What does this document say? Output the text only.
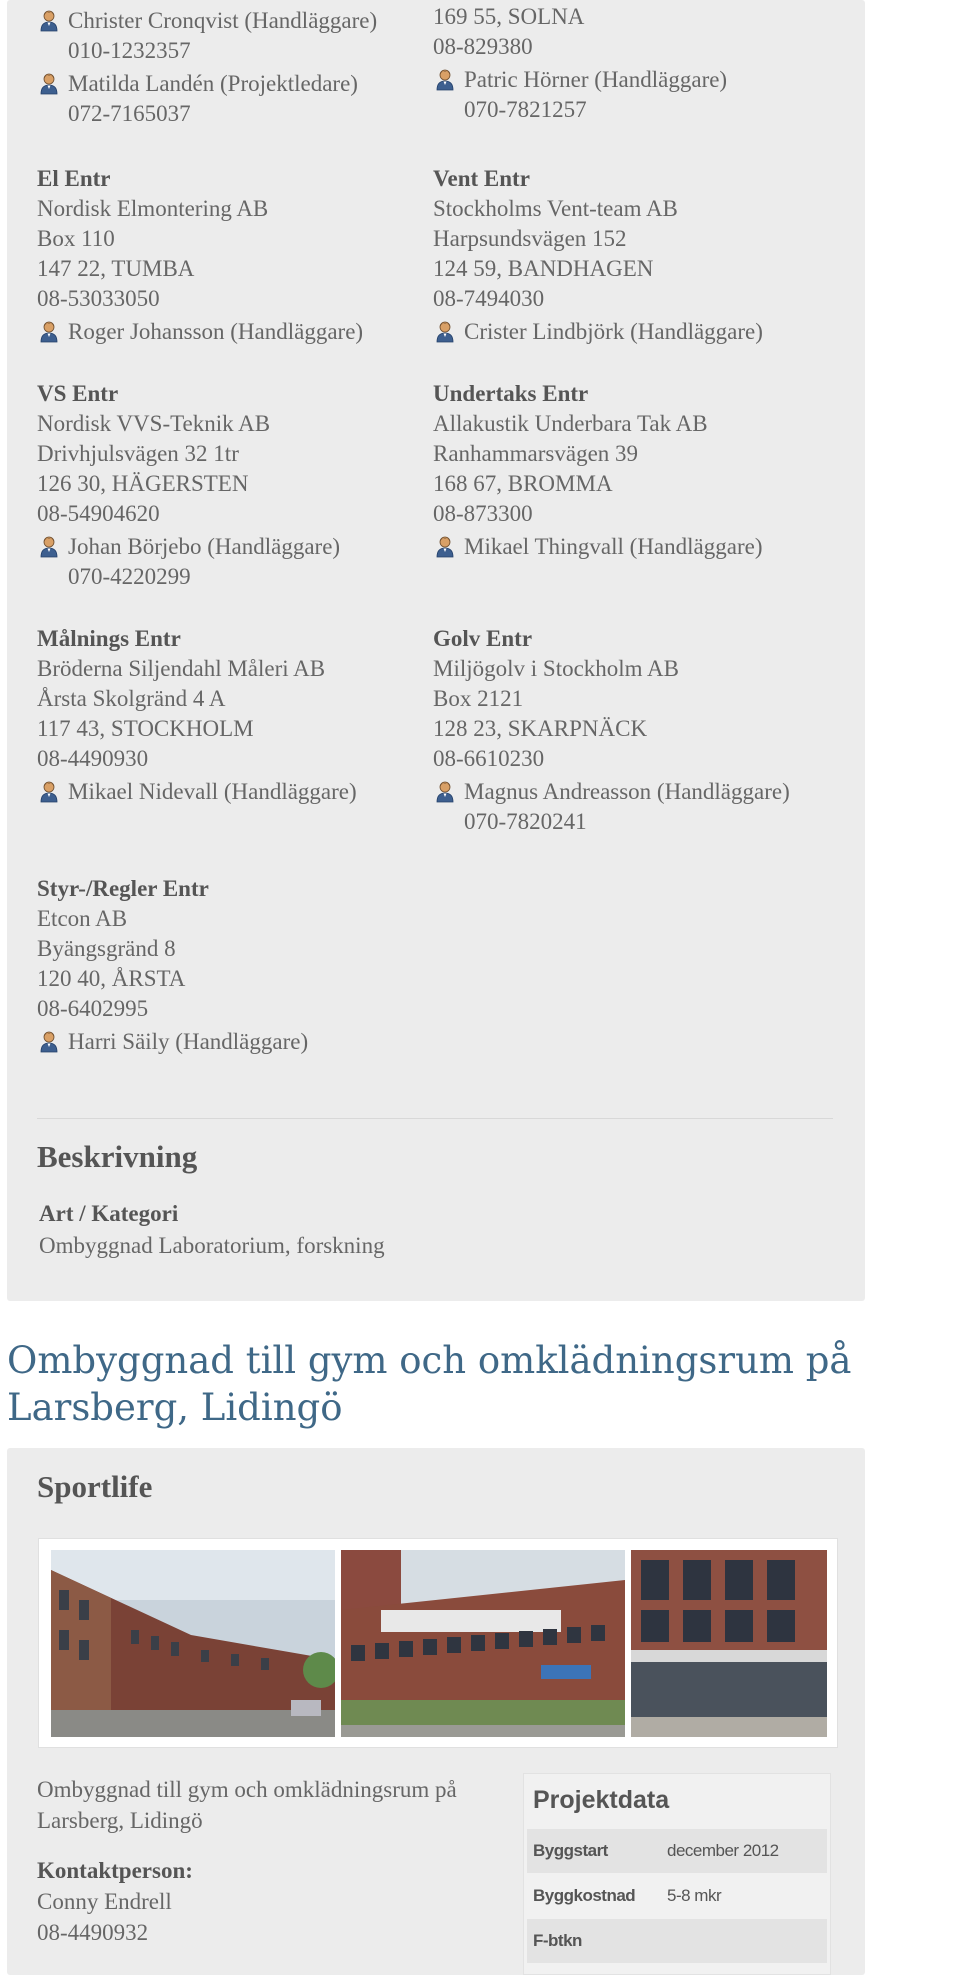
Christer Cronqvist (Handläggare)
010-1232357
Matilda Landén (Projektledare)
072-7165037
169 55, SOLNA
08-829380
Patric Hörner (Handläggare)
070-7821257
El Entr
Nordisk Elmontering AB
Box 110
147 22, TUMBA
08-53033050
Roger Johansson (Handläggare)
Vent Entr
Stockholms Vent-team AB
Harpsundsvägen 152
124 59, BANDHAGEN
08-7494030
Crister Lindbjörk (Handläggare)
VS Entr
Nordisk VVS-Teknik AB
Drivhjulsvägen 32 1tr
126 30, HÄGERSTEN
08-54904620
Johan Börjebo (Handläggare)
070-4220299
Undertaks Entr
Allakustik Underbara Tak AB
Ranhammarsvägen 39
168 67, BROMMA
08-873300
Mikael Thingvall (Handläggare)
Målnings Entr
Bröderna Siljendahl Måleri AB
Årsta Skolgränd 4 A
117 43, STOCKHOLM
08-4490930
Mikael Nidevall (Handläggare)
Golv Entr
Miljögolv i Stockholm AB
Box 2121
128 23, SKARPNÄCK
08-6610230
Magnus Andreasson (Handläggare)
070-7820241
Styr-/Regler Entr
Etcon AB
Byängsgränd 8
120 40, ÅRSTA
08-6402995
Harri Säily (Handläggare)
Beskrivning
Art / Kategori
Ombyggnad Laboratorium, forskning
Ombyggnad till gym och omklädningsrum på Larsberg, Lidingö
Sportlife
Ombyggnad till gym och omklädningsrum på Larsberg, Lidingö
Kontaktperson:
Conny Endrell
08-4490932
Projektdata
Byggstart	december 2012
Byggkostnad 5-8 mkr
F-btkn
